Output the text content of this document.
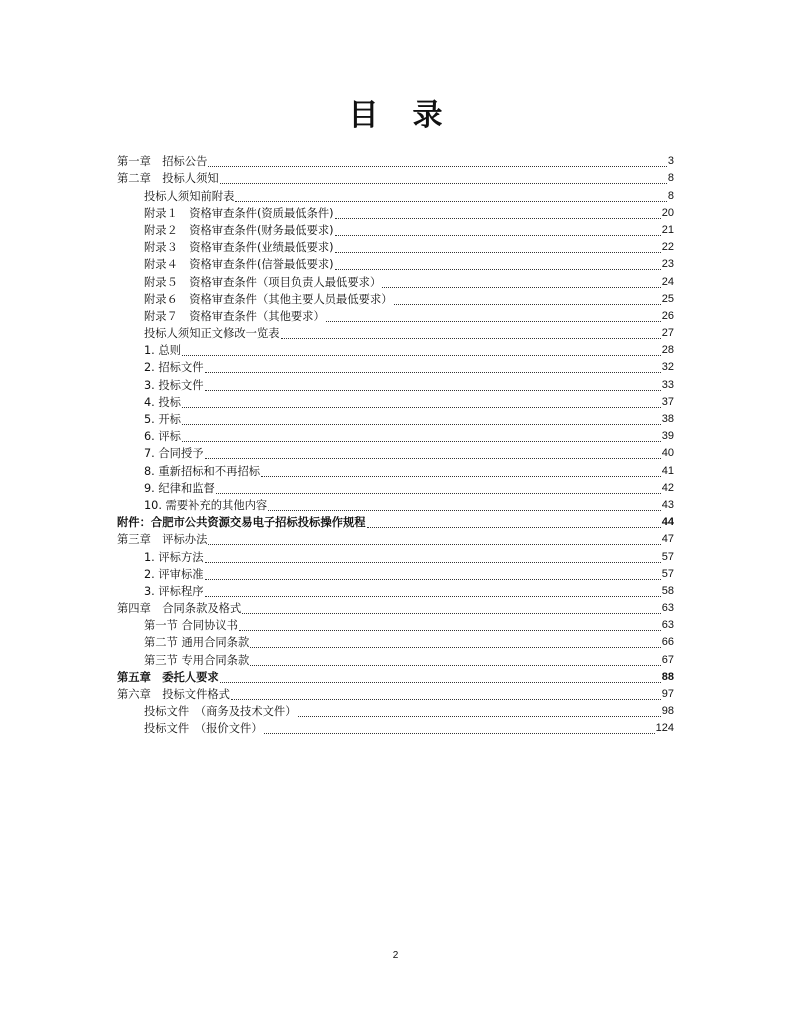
目录
第一章　招标公告	3
第二章　投标人须知	8
投标人须知前附表	8
附录１　资格审查条件(资质最低条件)	20
附录２　资格审查条件(财务最低要求)	21
附录３　资格审查条件(业绩最低要求)	22
附录４　资格审查条件(信誉最低要求)	23
附录５　资格审查条件（项目负责人最低要求）	24
附录６　资格审查条件（其他主要人员最低要求）	25
附录７　资格审查条件（其他要求）	26
投标人须知正文修改一览表	27
1. 总则	28
2. 招标文件	32
3. 投标文件	33
4. 投标	37
5. 开标	38
6. 评标	39
7. 合同授予	40
8. 重新招标和不再招标	41
9. 纪律和监督	42
10. 需要补充的其他内容	43
附件：合肥市公共资源交易电子招标投标操作规程	44
第三章　评标办法	47
1. 评标方法	57
2. 评审标准	57
3. 评标程序	58
第四章　合同条款及格式	63
第一节 合同协议书	63
第二节 通用合同条款	66
第三节 专用合同条款	67
第五章　委托人要求	88
第六章　投标文件格式	97
投标文件　（商务及技术文件）	98
投标文件　（报价文件）	124
2
